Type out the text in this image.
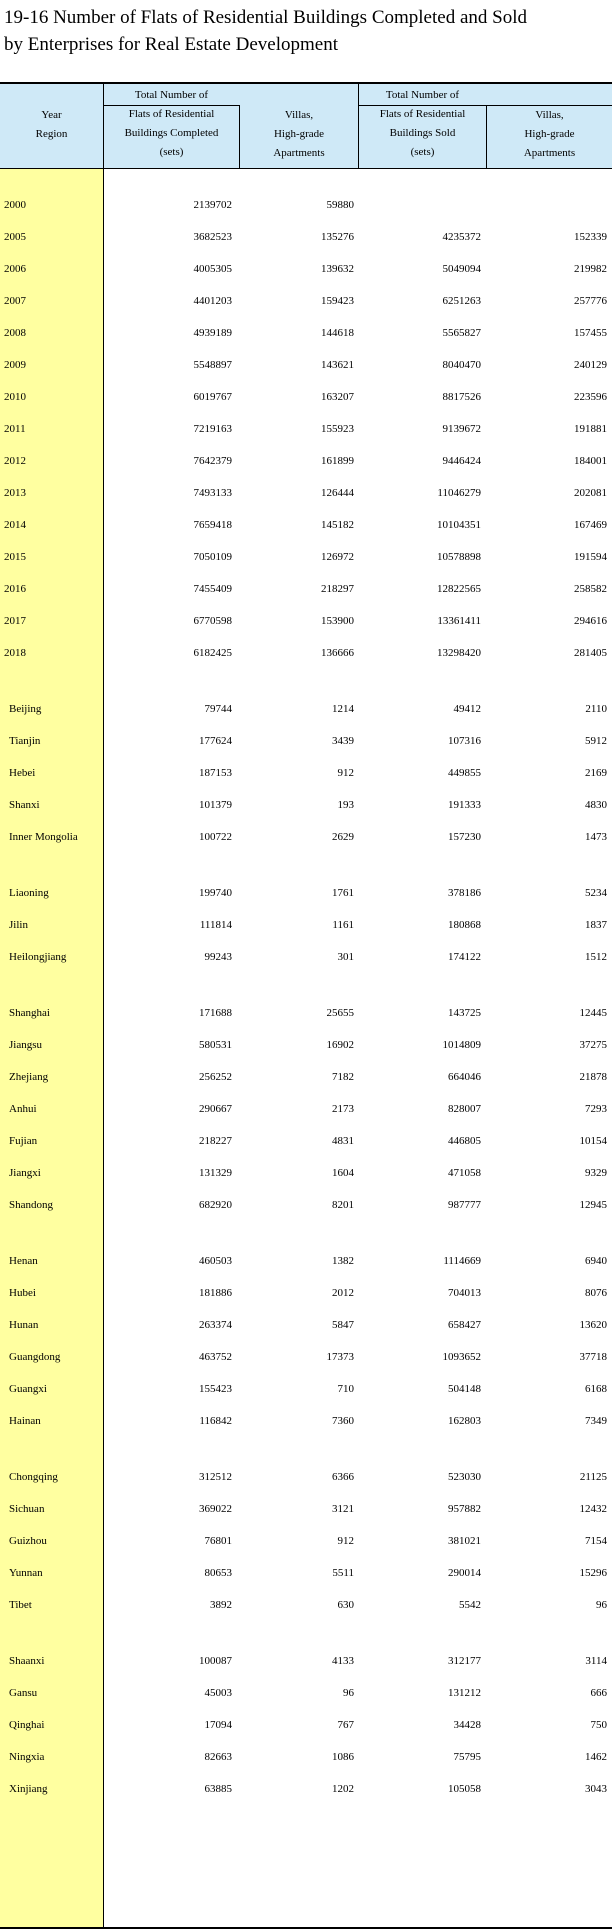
19-16 Number of Flats of Residential Buildings Completed and Sold
by Enterprises for Real Estate Development
Year
Region
Total Number of
Flats of Residential
Buildings Completed
(sets)
Villas,
High-grade
Apartments
Total Number of
Flats of Residential
Buildings Sold
(sets)
Villas,
High-grade
Apartments
2000	2139702	59880
2005	3682523	135276	4235372	152339
2006	4005305	139632	5049094	219982
2007	4401203	159423	6251263	257776
2008	4939189	144618	5565827	157455
2009	5548897	143621	8040470	240129
2010	6019767	163207	8817526	223596
2011	7219163	155923	9139672	191881
2012	7642379	161899	9446424	184001
2013	7493133	126444	11046279	202081
2014	7659418	145182	10104351	167469
2015	7050109	126972	10578898	191594
2016	7455409	218297	12822565	258582
2017	6770598	153900	13361411	294616
2018	6182425	136666	13298420	281405
Beijing	79744	1214	49412	2110
Tianjin	177624	3439	107316	5912
Hebei	187153	912	449855	2169
Shanxi	101379	193	191333	4830
Inner Mongolia	100722	2629	157230	1473
Liaoning	199740	1761	378186	5234
Jilin	111814	1161	180868	1837
Heilongjiang	99243	301	174122	1512
Shanghai	171688	25655	143725	12445
Jiangsu	580531	16902	1014809	37275
Zhejiang	256252	7182	664046	21878
Anhui	290667	2173	828007	7293
Fujian	218227	4831	446805	10154
Jiangxi	131329	1604	471058	9329
Shandong	682920	8201	987777	12945
Henan	460503	1382	1114669	6940
Hubei	181886	2012	704013	8076
Hunan	263374	5847	658427	13620
Guangdong	463752	17373	1093652	37718
Guangxi	155423	710	504148	6168
Hainan	116842	7360	162803	7349
Chongqing	312512	6366	523030	21125
Sichuan	369022	3121	957882	12432
Guizhou	76801	912	381021	7154
Yunnan	80653	5511	290014	15296
Tibet	3892	630	5542	96
Shaanxi	100087	4133	312177	3114
Gansu	45003	96	131212	666
Qinghai	17094	767	34428	750
Ningxia	82663	1086	75795	1462
Xinjiang	63885	1202	105058	3043
